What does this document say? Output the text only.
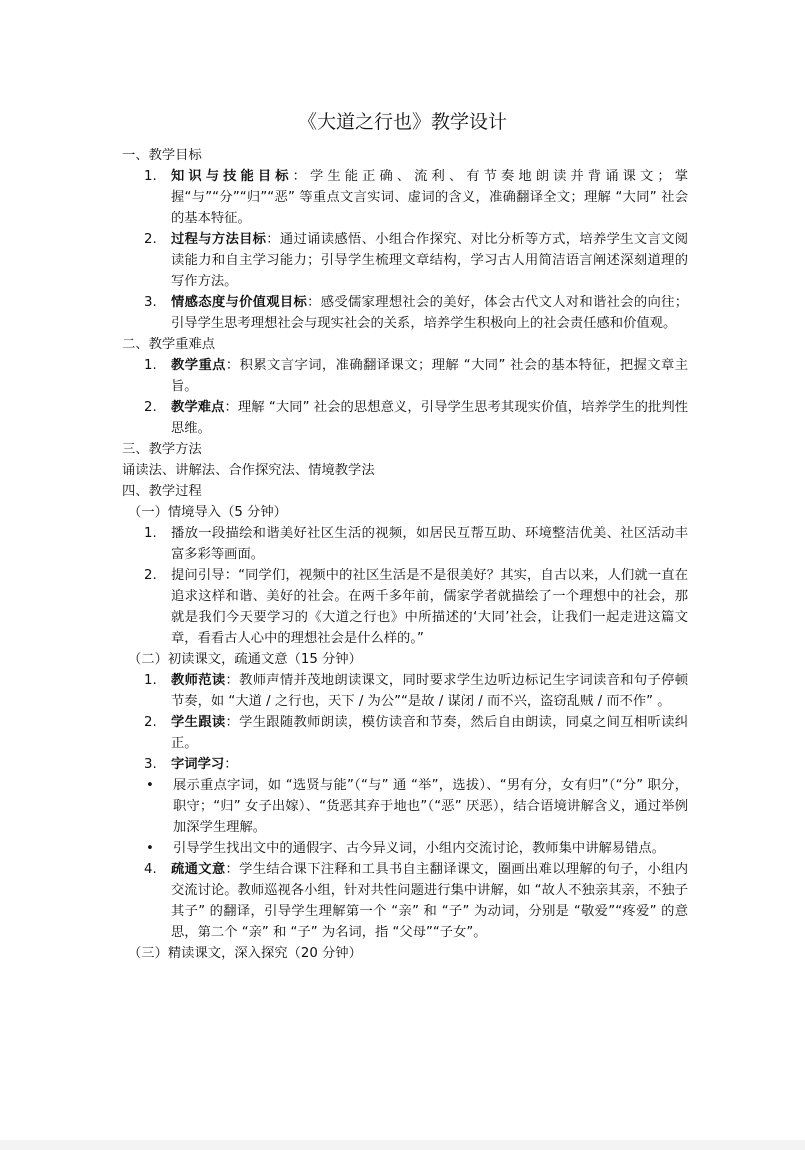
《大道之行也》教学设计
一、教学目标
1.	知识与技能目标：学生能正确、流利、有节奏地朗读并背诵课文；掌握“与”“分”“归”“恶” 等重点文言实词、虚词的含义，准确翻译全文；理解 “大同” 社会的基本特征。
2.	过程与方法目标：通过诵读感悟、小组合作探究、对比分析等方式，培养学生文言文阅读能力和自主学习能力；引导学生梳理文章结构，学习古人用简洁语言阐述深刻道理的写作方法。
3.	情感态度与价值观目标：感受儒家理想社会的美好，体会古代文人对和谐社会的向往；引导学生思考理想社会与现实社会的关系，培养学生积极向上的社会责任感和价值观。
二、教学重难点
1.	教学重点：积累文言字词，准确翻译课文；理解 “大同” 社会的基本特征，把握文章主旨。
2.	教学难点：理解 “大同” 社会的思想意义，引导学生思考其现实价值，培养学生的批判性思维。
三、教学方法
诵读法、讲解法、合作探究法、情境教学法
四、教学过程
（一）情境导入（5 分钟）
1.	播放一段描绘和谐美好社区生活的视频，如居民互帮互助、环境整洁优美、社区活动丰富多彩等画面。
2.	提问引导：“同学们，视频中的社区生活是不是很美好？其实，自古以来，人们就一直在追求这样和谐、美好的社会。在两千多年前，儒家学者就描绘了一个理想中的社会，那就是我们今天要学习的《大道之行也》中所描述的‘大同’社会，让我们一起走进这篇文章，看看古人心中的理想社会是什么样的。”
（二）初读课文，疏通文意（15 分钟）
1.	教师范读：教师声情并茂地朗读课文，同时要求学生边听边标记生字词读音和句子停顿节奏，如 “大道 / 之行也，天下 / 为公”“是故 / 谋闭 / 而不兴，盗窃乱贼 / 而不作” 。
2.	学生跟读：学生跟随教师朗读，模仿读音和节奏，然后自由朗读，同桌之间互相听读纠正。
3.	字词学习：
•	展示重点字词，如 “选贤与能”（“与” 通 “举”，选拔）、“男有分，女有归”（“分” 职分，职守；“归” 女子出嫁）、“货恶其弃于地也”（“恶” 厌恶），结合语境讲解含义，通过举例加深学生理解。
•	引导学生找出文中的通假字、古今异义词，小组内交流讨论，教师集中讲解易错点。
4.	疏通文意：学生结合课下注释和工具书自主翻译课文，圈画出难以理解的句子，小组内交流讨论。教师巡视各小组，针对共性问题进行集中讲解，如 “故人不独亲其亲，不独子其子” 的翻译，引导学生理解第一个 “亲” 和 “子” 为动词，分别是 “敬爱”“疼爱” 的意思，第二个 “亲” 和 “子” 为名词，指 “父母”“子女”。
（三）精读课文，深入探究（20 分钟）
